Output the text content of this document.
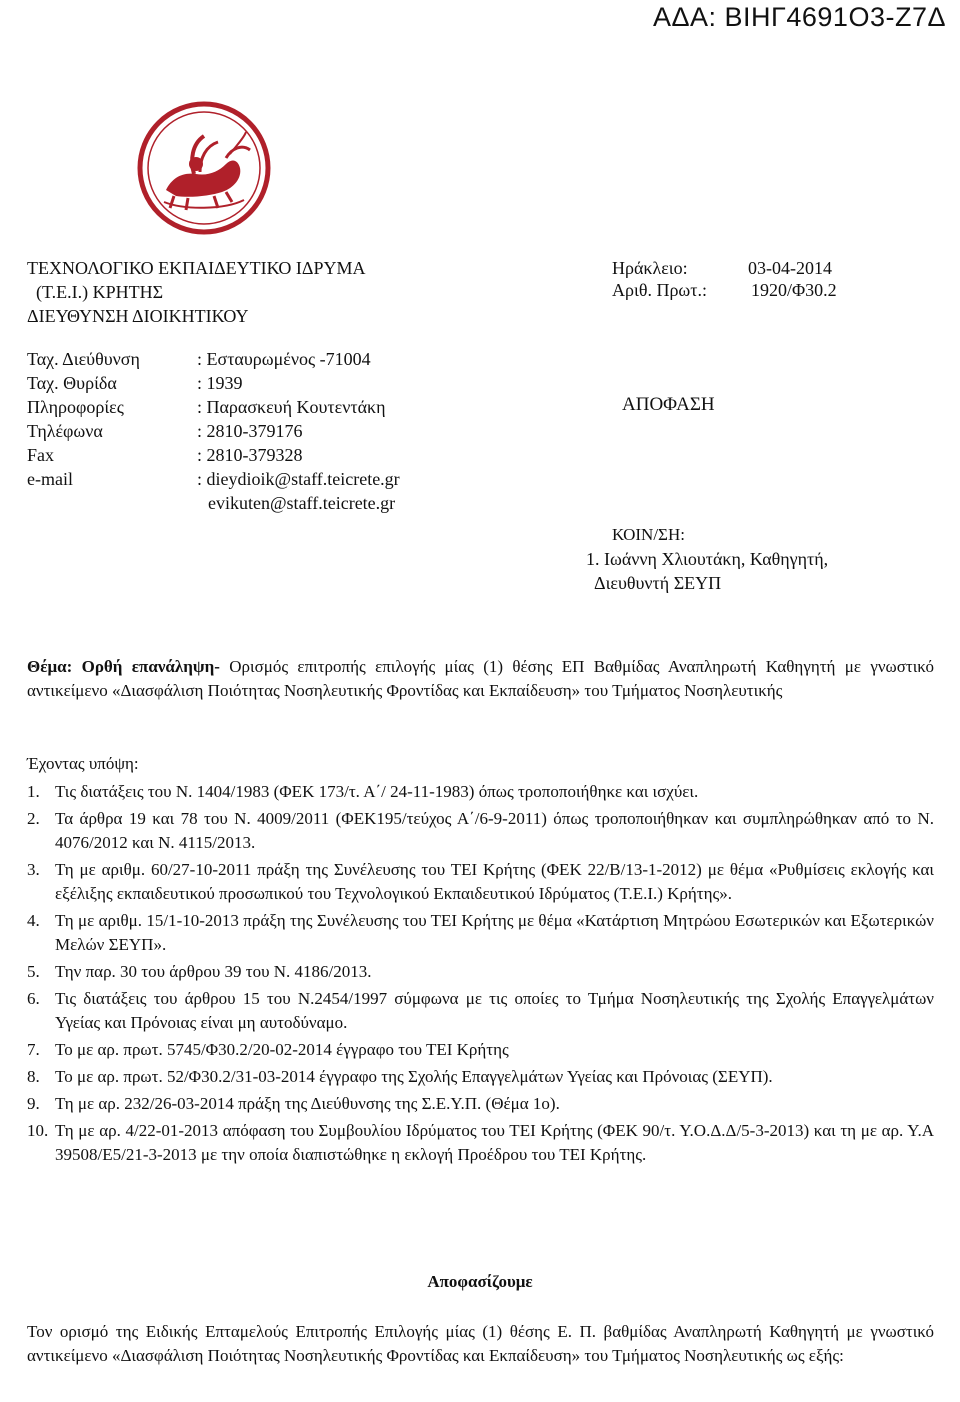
ΑΔΑ: ΒΙΗΓ4691Ο3-Ζ7Δ
ΤΕΧΝΟΛΟΓΙΚΟ ΕΚΠΑΙΔΕΥΤΙΚΟ ΙΔΡΥΜΑ
(Τ.Ε.Ι.) ΚΡΗΤΗΣ
ΔΙΕΥΘΥΝΣΗ ΔΙΟΙΚΗΤΙΚΟΥ
Ηράκλειο:	03-04-2014
Αριθ. Πρωτ.: 1920/Φ30.2
Ταχ. Διεύθυνση	: Εσταυρωμένος -71004
Ταχ. Θυρίδα	: 1939
Πληροφορίες	: Παρασκευή Κουτεντάκη
Τηλέφωνα	: 2810-379176
Fax	: 2810-379328
e-mail	: dieydioik@staff.teicrete.gr
evikuten@staff.teicrete.gr
ΑΠΟΦΑΣΗ
ΚΟΙΝ/ΣΗ:
1. Ιωάννη Χλιουτάκη, Καθηγητή,
Διευθυντή ΣΕΥΠ
Θέμα: Ορθή επανάληψη- Ορισμός επιτροπής επιλογής μίας (1) θέσης ΕΠ Βαθμίδας Αναπληρωτή Καθηγητή με γνωστικό αντικείμενο «Διασφάλιση Ποιότητας Νοσηλευτικής Φροντίδας και Εκπαίδευση» του Τμήματος Νοσηλευτικής
Έχοντας υπόψη:
1. Τις διατάξεις του Ν. 1404/1983 (ΦΕΚ 173/τ. Α΄/ 24-11-1983) όπως τροποποιήθηκε και ισχύει.
2. Τα άρθρα 19 και 78 του Ν. 4009/2011 (ΦΕΚ195/τεύχος Α΄/6-9-2011) όπως τροποποιήθηκαν και συμπληρώθηκαν από το Ν. 4076/2012 και Ν. 4115/2013.
3. Τη με αριθμ. 60/27-10-2011 πράξη της Συνέλευσης του ΤΕΙ Κρήτης (ΦΕΚ 22/Β/13-1-2012) με θέμα «Ρυθμίσεις εκλογής και εξέλιξης εκπαιδευτικού προσωπικού του Τεχνολογικού Εκπαιδευτικού Ιδρύματος (Τ.Ε.Ι.) Κρήτης».
4. Τη με αριθμ. 15/1-10-2013 πράξη της Συνέλευσης του ΤΕΙ Κρήτης με θέμα «Κατάρτιση Μητρώου Εσωτερικών και Εξωτερικών Μελών ΣΕΥΠ».
5. Την παρ. 30 του άρθρου 39 του Ν. 4186/2013.
6. Τις διατάξεις του άρθρου 15 του Ν.2454/1997 σύμφωνα με τις οποίες το Τμήμα Νοσηλευτικής της Σχολής Επαγγελμάτων Υγείας και Πρόνοιας είναι μη αυτοδύναμο.
7. Το με αρ. πρωτ. 5745/Φ30.2/20-02-2014 έγγραφο του ΤΕΙ Κρήτης
8. Το με αρ. πρωτ. 52/Φ30.2/31-03-2014 έγγραφο της Σχολής Επαγγελμάτων Υγείας και Πρόνοιας (ΣΕΥΠ).
9. Τη με αρ. 232/26-03-2014 πράξη της Διεύθυνσης της Σ.Ε.Υ.Π. (Θέμα 1ο).
10. Τη με αρ. 4/22-01-2013 απόφαση του Συμβουλίου Ιδρύματος του ΤΕΙ Κρήτης (ΦΕΚ 90/τ. Υ.Ο.Δ.Δ/5-3-2013) και τη με αρ. Υ.Α 39508/Ε5/21-3-2013 με την οποία διαπιστώθηκε η εκλογή Προέδρου του ΤΕΙ Κρήτης.
Αποφασίζουμε
Τον ορισμό της Ειδικής Επταμελούς Επιτροπής Επιλογής μίας (1) θέσης Ε. Π. βαθμίδας Αναπληρωτή Καθηγητή με γνωστικό αντικείμενο «Διασφάλιση Ποιότητας Νοσηλευτικής Φροντίδας και Εκπαίδευση» του Τμήματος Νοσηλευτικής ως εξής:
